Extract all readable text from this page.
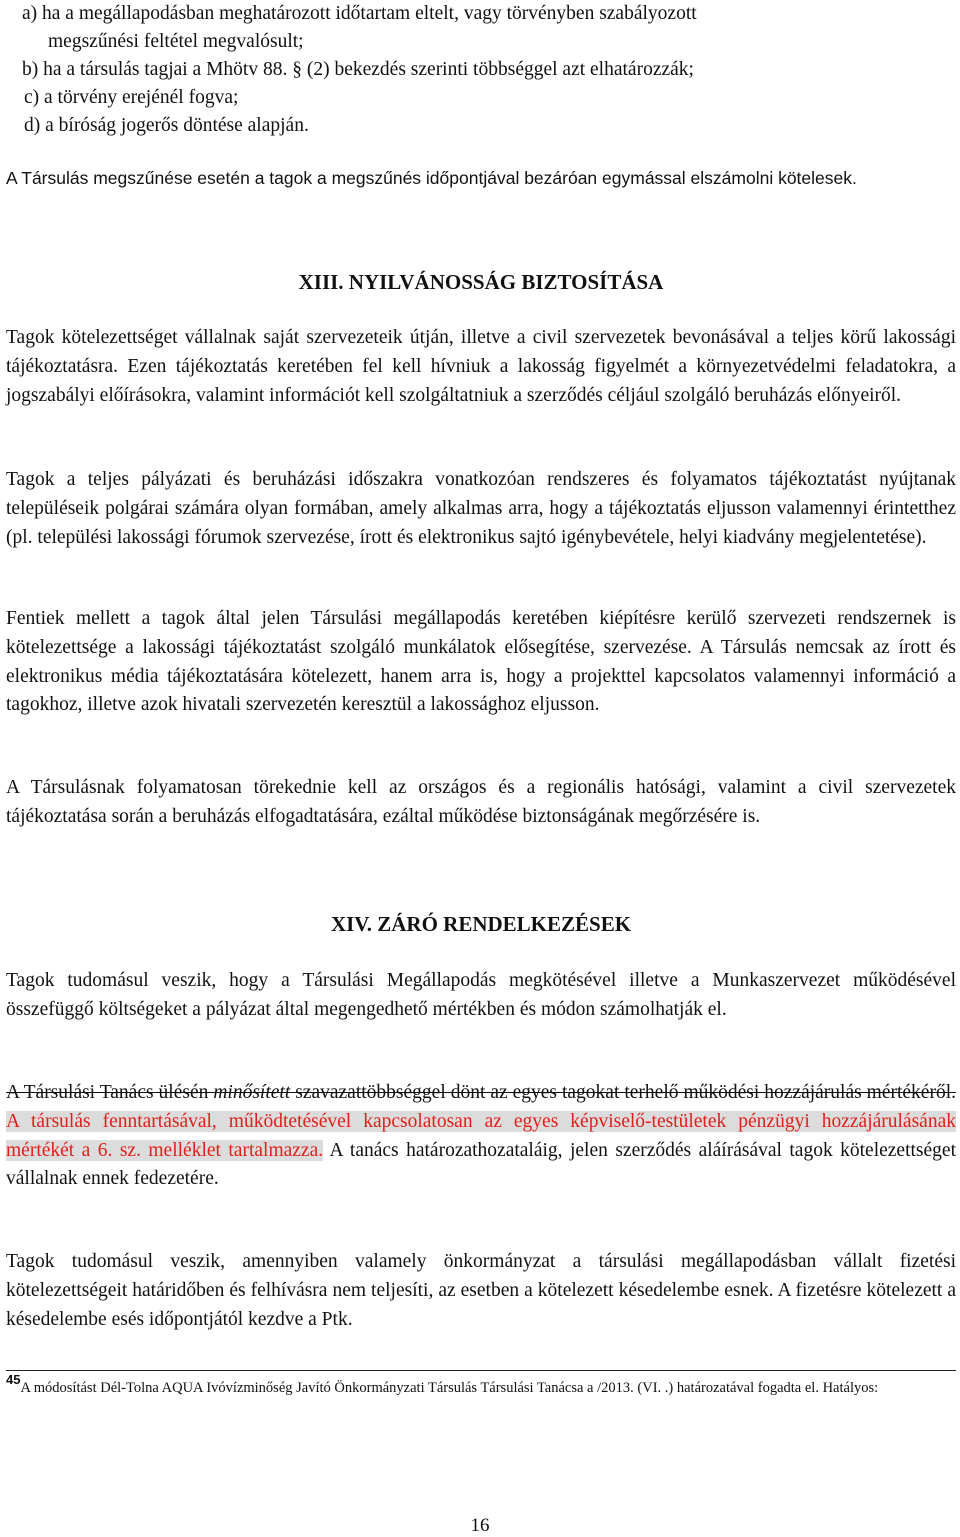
a) ha a megállapodásban meghatározott időtartam eltelt, vagy törvényben szabályozott
megszűnési feltétel megvalósult;
b) ha a társulás tagjai a Mhötv 88. § (2) bekezdés szerinti többséggel azt elhatározzák;
c) a törvény erejénél fogva;
d) a bíróság jogerős döntése alapján.

A Társulás megszűnése esetén a tagok a megszűnés időpontjával bezáróan egymással elszámolni kötelesek.

XIII. NYILVÁNOSSÁG BIZTOSÍTÁSA

Tagok kötelezettséget vállalnak saját szervezeteik útján, illetve a civil szervezetek bevonásával a teljes körű lakossági tájékoztatásra. Ezen tájékoztatás keretében fel kell hívniuk a lakosság figyelmét a környezetvédelmi feladatokra, a jogszabályi előírásokra, valamint információt kell szolgáltatniuk a szerződés céljául szolgáló beruházás előnyeiről.

Tagok a teljes pályázati és beruházási időszakra vonatkozóan rendszeres és folyamatos tájékoztatást nyújtanak településeik polgárai számára olyan formában, amely alkalmas arra, hogy a tájékoztatás eljusson valamennyi érintetthez (pl. települési lakossági fórumok szervezése, írott és elektronikus sajtó igénybevétele, helyi kiadvány megjelentetése).

Fentiek mellett a tagok által jelen Társulási megállapodás keretében kiépítésre kerülő szervezeti rendszernek is kötelezettsége a lakossági tájékoztatást szolgáló munkálatok elősegítése, szervezése. A Társulás nemcsak az írott és elektronikus média tájékoztatására kötelezett, hanem arra is, hogy a projekttel kapcsolatos valamennyi információ a tagokhoz, illetve azok hivatali szervezetén keresztül a lakossághoz eljusson.

A Társulásnak folyamatosan törekednie kell az országos és a regionális hatósági, valamint a civil szervezetek tájékoztatása során a beruházás elfogadtatására, ezáltal működése biztonságának megőrzésére is.

XIV. ZÁRÓ RENDELKEZÉSEK

Tagok tudomásul veszik, hogy a Társulási Megállapodás megkötésével illetve a Munkaszervezet működésével összefüggő költségeket a pályázat által megengedhető mértékben és módon számolhatják el.

A Társulási Tanács ülésén minősített szavazattöbbséggel dönt az egyes tagokat terhelő működési hozzájárulás mértékéről. A társulás fenntartásával, működtetésével kapcsolatosan az egyes képviselő-testületek pénzügyi hozzájárulásának mértékét a 6. sz. melléklet tartalmazza. A tanács határozathozataláig, jelen szerződés aláírásával tagok kötelezettséget vállalnak ennek fedezetére.

Tagok tudomásul veszik, amennyiben valamely önkormányzat a társulási megállapodásban vállalt fizetési kötelezettségeit határidőben és felhívásra nem teljesíti, az esetben a kötelezett késedelembe esnek. A fizetésre kötelezett a késedelembe esés időpontjától kezdve a Ptk.

45A módosítást Dél-Tolna AQUA Ivóvízminőség Javító Önkormányzati Társulás Társulási Tanácsa a /2013. (VI. .) határozatával fogadta el. Hatályos:

16
